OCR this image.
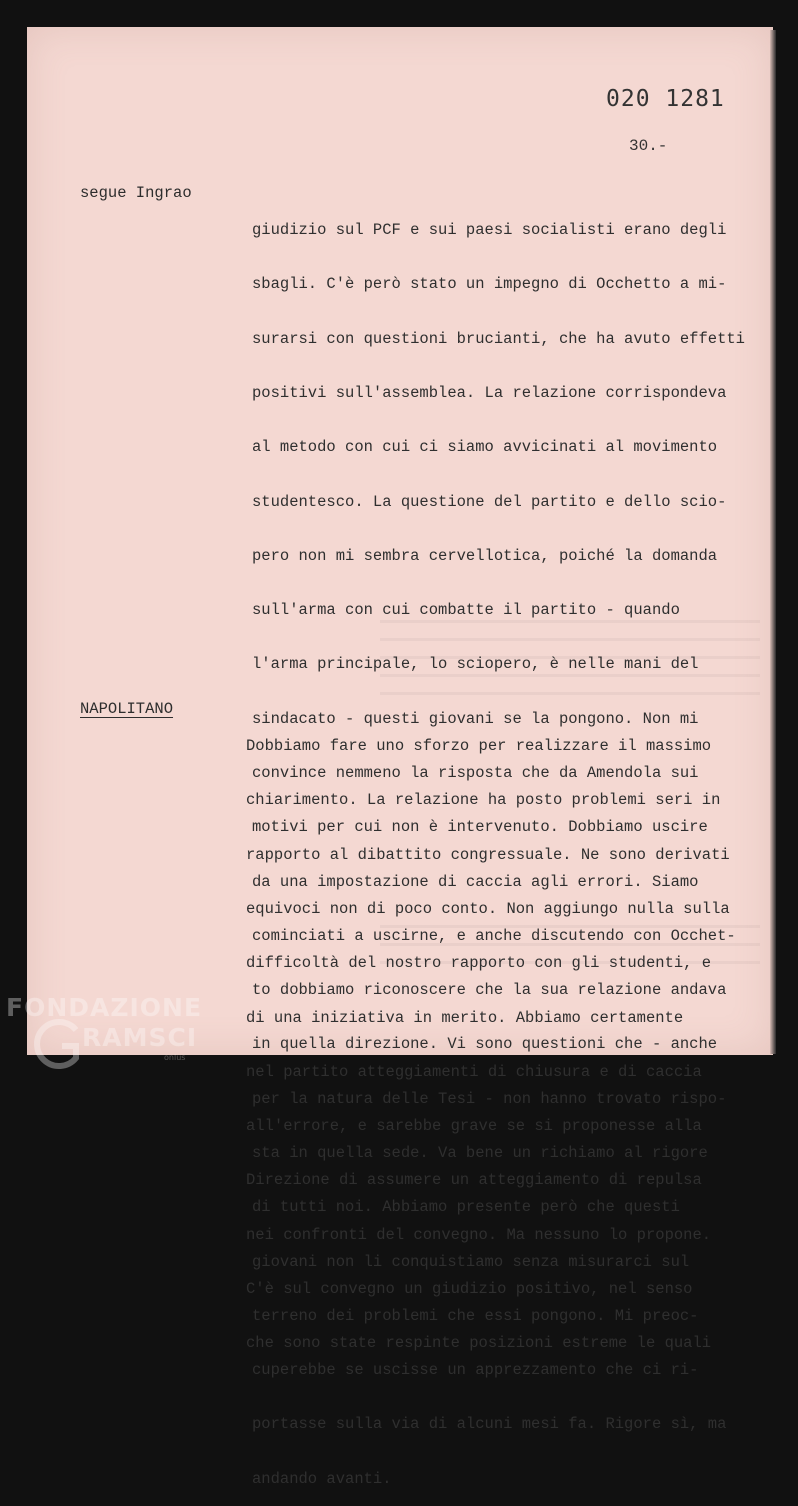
020 1281
30.-
segue Ingrao

giudizio sul PCF e sui paesi socialisti erano degli

sbagli. C'è però stato un impegno di Occhetto a mi-

surarsi con questioni brucianti, che ha avuto effetti

positivi sull'assemblea. La relazione corrispondeva

al metodo con cui ci siamo avvicinati al movimento

studentesco. La questione del partito e dello scio-

pero non mi sembra cervellotica, poiché la domanda

sull'arma con cui combatte il partito - quando

l'arma principale, lo sciopero, è nelle mani del

sindacato - questi giovani se la pongono. Non mi

convince nemmeno la risposta che da Amendola sui

motivi per cui non è intervenuto. Dobbiamo uscire

da una impostazione di caccia agli errori. Siamo

cominciati a uscirne, e anche discutendo con Occhet-

to dobbiamo riconoscere che la sua relazione andava

in quella direzione. Vi sono questioni che - anche

per la natura delle Tesi - non hanno trovato rispo-

sta in quella sede. Va bene un richiamo al rigore

di tutti noi. Abbiamo presente però che questi

giovani non li conquistiamo senza misurarci sul

terreno dei problemi che essi pongono. Mi preoc-

cuperebbe se uscisse un apprezzamento che ci ri-

portasse sulla via di alcuni mesi fa. Rigore sì, ma

andando avanti.

NAPOLITANO

Dobbiamo fare uno sforzo per realizzare il massimo

chiarimento. La relazione ha posto problemi seri in

rapporto al dibattito congressuale. Ne sono derivati

equivoci non di poco conto. Non aggiungo nulla sulla

difficoltà del nostro rapporto con gli studenti, e

di una iniziativa in merito. Abbiamo certamente

nel partito atteggiamenti di chiusura e di caccia

all'errore, e sarebbe grave se si proponesse alla

Direzione di assumere un atteggiamento di repulsa

nei confronti del convegno. Ma nessuno lo propone.

C'è sul convegno un giudizio positivo, nel senso

che sono state respinte posizioni estreme le quali

FONDAZIONE
RAMSCI
onlus
